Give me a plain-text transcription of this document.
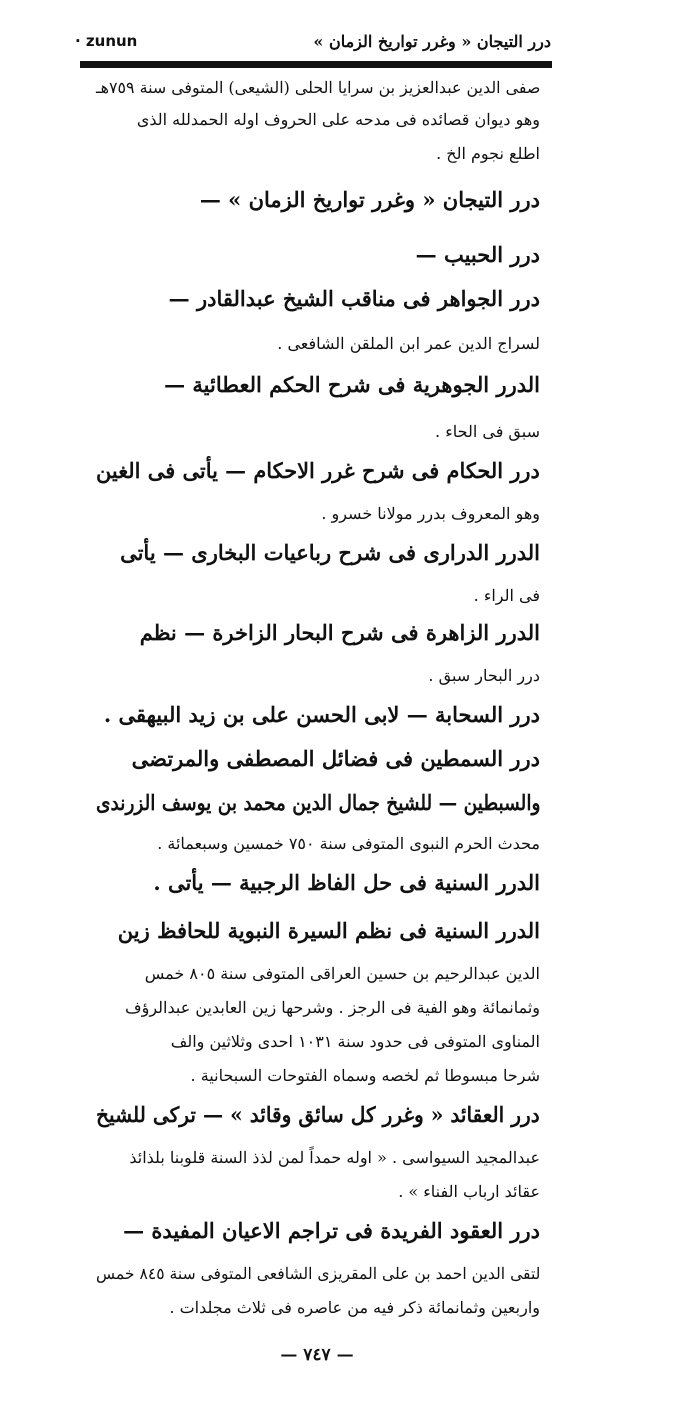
درر التيجان « وغرر تواريخ الزمان »
· zunun
صفى الدين عبدالعزيز بن سرايا الحلى (الشيعى) المتوفى سنة ٧٥٩هـ
وهو ديوان قصائده فى مدحه على الحروف اوله الحمدلله الذى
اطلع نجوم الخ .
درر التيجان « وغرر تواريخ الزمان » —
درر الحبيب —
درر الجواهر فى مناقب الشيخ عبدالقادر —
لسراج الدين عمر ابن الملقن الشافعى .
الدرر الجوهرية فى شرح الحكم العطائية —
سبق فى الحاء .
درر الحكام فى شرح غرر الاحكام — يأتى فى الغين
وهو المعروف بدرر مولانا خسرو .
الدرر الدرارى فى شرح رباعيات البخارى — يأتى
فى الراء .
الدرر الزاهرة فى شرح البحار الزاخرة — نظم
درر البحار سبق .
درر السحابة — لابى الحسن على بن زيد البيهقى .
درر السمطين فى فضائل المصطفى والمرتضى
والسبطين — للشيخ جمال الدين محمد بن يوسف الزرندى
محدث الحرم النبوى المتوفى سنة ٧٥٠ خمسين وسبعمائة .
الدرر السنية فى حل الفاظ الرجبية — يأتى .
الدرر السنية فى نظم السيرة النبوية للحافظ زين
الدين عبدالرحيم بن حسين العراقى المتوفى سنة ٨٠٥ خمس
وثمانمائة وهو الفية فى الرجز . وشرحها زين العابدين عبدالرؤف
المناوى المتوفى فى حدود سنة ١٠٣١ احدى وثلاثين والف
شرحا مبسوطا ثم لخصه وسماه الفتوحات السبحانية .
درر العقائد « وغرر كل سائق وقائد » — تركى للشيخ
عبدالمجيد السيواسى . « اوله حمداً لمن لذذ السنة قلوبنا بلذائذ
عقائد ارباب الفناء » .
درر العقود الفريدة فى تراجم الاعيان المفيدة —
لتقى الدين احمد بن على المقريزى الشافعى المتوفى سنة ٨٤٥ خمس
واربعين وثمانمائة ذكر فيه من عاصره فى ثلاث مجلدات .
— ٧٤٧ —
